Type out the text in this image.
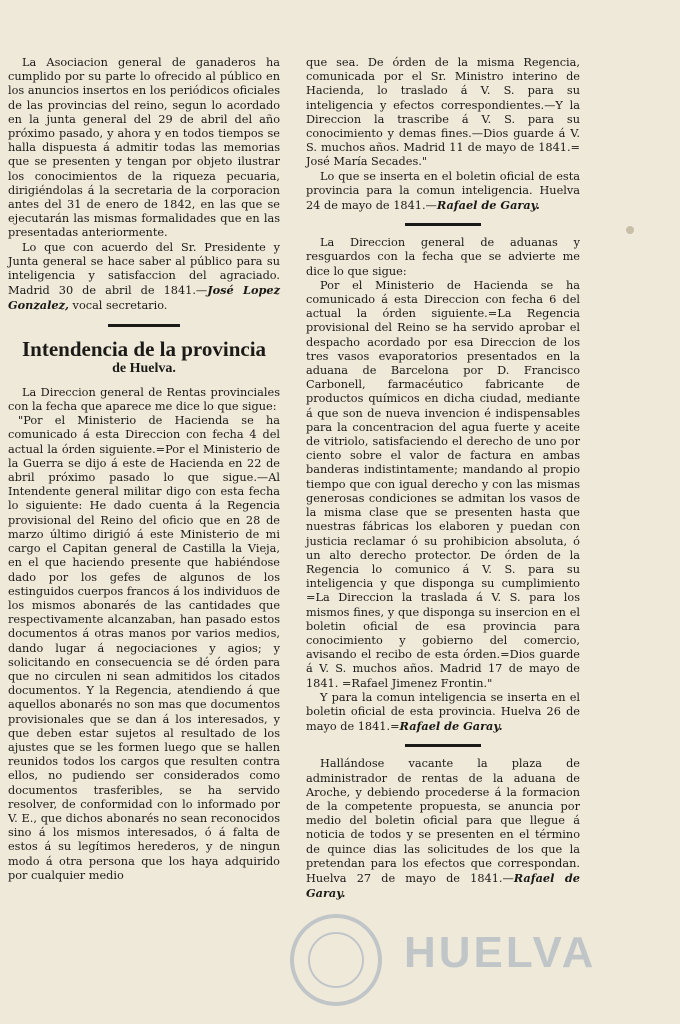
La Asociacion general de ganaderos ha cumplido por su parte lo ofrecido al público en los anuncios insertos en los periódicos oficiales de las provincias del reino, segun lo acordado en la junta general del 29 de abril del año próximo pasado, y ahora y en todos tiempos se halla dispuesta á admitir todas las memorias que se presenten y tengan por objeto ilustrar los conocimientos de la riqueza pecuaria, dirigiéndolas á la secretaria de la corporacion antes del 31 de enero de 1842, en las que se ejecutarán las mismas formalidades que en las presentadas anteriormente.

Lo que con acuerdo del Sr. Presidente y Junta general se hace saber al público para su inteligencia y satisfaccion del agraciado. Madrid 30 de abril de 1841.—José Lopez Gonzalez, vocal secretario.

Intendencia de la provincia
de Huelva.

La Direccion general de Rentas provinciales con la fecha que aparece me dice lo que sigue:

"Por el Ministerio de Hacienda se ha comunicado á esta Direccion con fecha 4 del actual la órden siguiente.=Por el Ministerio de la Guerra se dijo á este de Hacienda en 22 de abril próximo pasado lo que sigue.—Al Intendente general militar digo con esta fecha lo siguiente: He dado cuenta á la Regencia provisional del Reino del oficio que en 28 de marzo último dirigió á este Ministerio de mi cargo el Capitan general de Castilla la Vieja, en el que haciendo presente que habiéndose dado por los gefes de algunos de los estinguidos cuerpos francos á los individuos de los mismos abonarés de las cantidades que respectivamente alcanzaban, han pasado estos documentos á otras manos por varios medios, dando lugar á negociaciones y agios; y solicitando en consecuencia se dé órden para que no circulen ni sean admitidos los citados documentos. Y la Regencia, atendiendo á que aquellos abonarés no son mas que documentos provisionales que se dan á los interesados, y que deben estar sujetos al resultado de los ajustes que se les formen luego que se hallen reunidos todos los cargos que resulten contra ellos, no pudiendo ser considerados como documentos trasferibles, se ha servido resolver, de conformidad con lo informado por V. E., que dichos abonarés no sean reconocidos sino á los mismos interesados, ó á falta de estos á su legítimos herederos, y de ningun modo á otra persona que los haya adquirido por cualquier medio

que sea. De órden de la misma Regencia, comunicada por el Sr. Ministro interino de Hacienda, lo traslado á V. S. para su inteligencia y efectos correspondientes.—Y la Direccion la trascribe á V. S. para su conocimiento y demas fines.—Dios guarde á V. S. muchos años. Madrid 11 de mayo de 1841.= José María Secades."

Lo que se inserta en el boletin oficial de esta provincia para la comun inteligencia. Huelva 24 de mayo de 1841.—Rafael de Garay.

La Direccion general de aduanas y resguardos con la fecha que se advierte me dice lo que sigue:

Por el Ministerio de Hacienda se ha comunicado á esta Direccion con fecha 6 del actual la órden siguiente.=La Regencia provisional del Reino se ha servido aprobar el despacho acordado por esa Direccion de los tres vasos evaporatorios presentados en la aduana de Barcelona por D. Francisco Carbonell, farmacéutico fabricante de productos químicos en dicha ciudad, mediante á que son de nueva invencion é indispensables para la concentracion del agua fuerte y aceite de vitriolo, satisfaciendo el derecho de uno por ciento sobre el valor de factura en ambas banderas indistintamente; mandando al propio tiempo que con igual derecho y con las mismas generosas condiciones se admitan los vasos de la misma clase que se presenten hasta que nuestras fábricas los elaboren y puedan con justicia reclamar ó su prohibicion absoluta, ó un alto derecho protector. De órden de la Regencia lo comunico á V. S. para su inteligencia y que disponga su cumplimiento =La Direccion la traslada á V. S. para los mismos fines, y que disponga su insercion en el boletin oficial de esa provincia para conocimiento y gobierno del comercio, avisando el recibo de esta órden.=Dios guarde á V. S. muchos años. Madrid 17 de mayo de 1841. =Rafael Jimenez Frontin."

Y para la comun inteligencia se inserta en el boletin oficial de esta provincia. Huelva 26 de mayo de 1841.=Rafael de Garay.

Hallándose vacante la plaza de administrador de rentas de la aduana de Aroche, y debiendo procederse á la formacion de la competente propuesta, se anuncia por medio del boletin oficial para que llegue á noticia de todos y se presenten en el término de quince dias las solicitudes de los que la pretendan para los efectos que correspondan. Huelva 27 de mayo de 1841.—Rafael de Garay.

HUELVA
